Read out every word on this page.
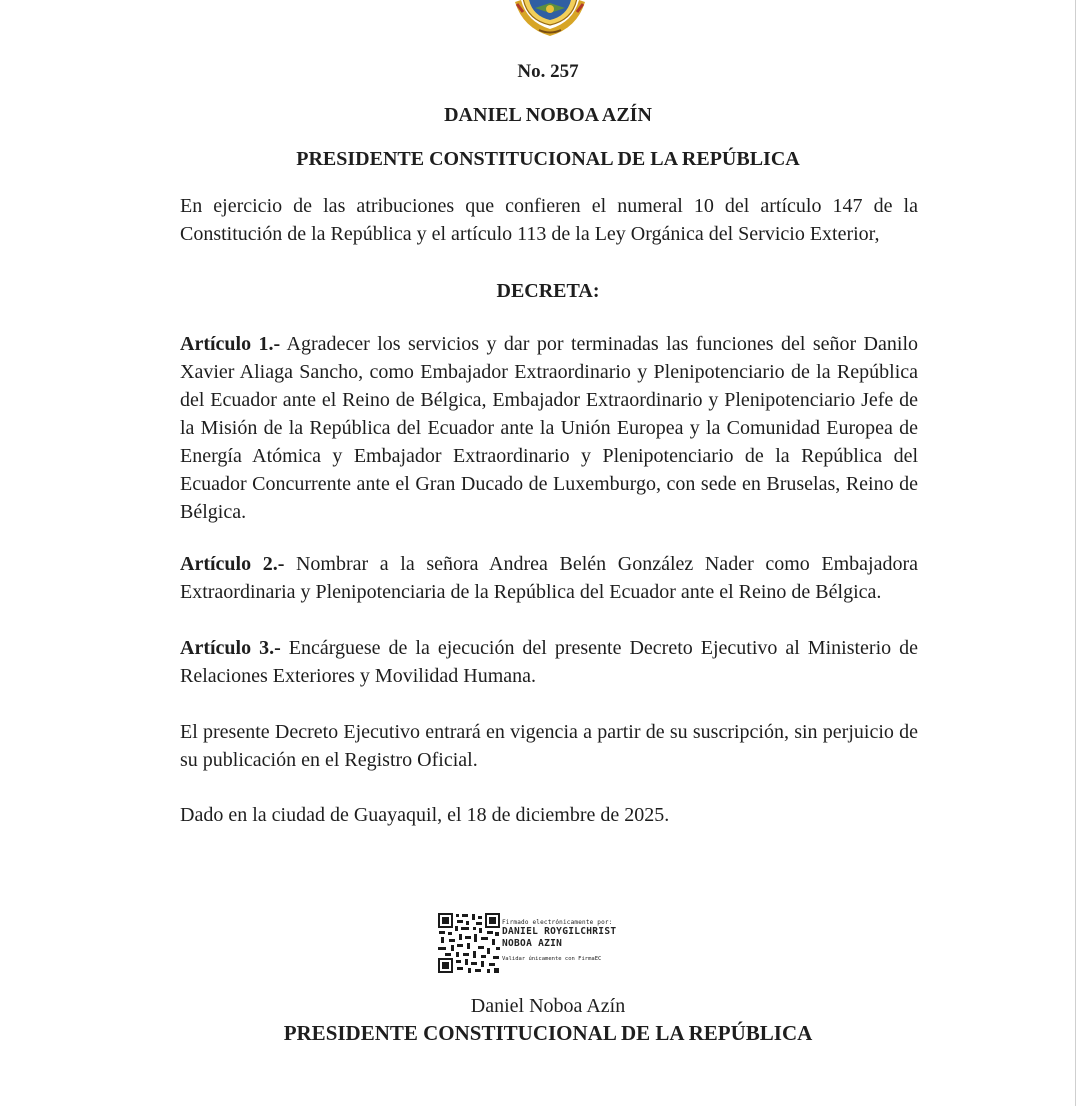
No. 257
DANIEL NOBOA AZÍN
PRESIDENTE CONSTITUCIONAL DE LA REPÚBLICA
En ejercicio de las atribuciones que confieren el numeral 10 del artículo 147 de la Constitución de la República y el artículo 113 de la Ley Orgánica del Servicio Exterior,
DECRETA:
Artículo 1.- Agradecer los servicios y dar por terminadas las funciones del señor Danilo Xavier Aliaga Sancho, como Embajador Extraordinario y Plenipotenciario de la República del Ecuador ante el Reino de Bélgica, Embajador Extraordinario y Plenipotenciario Jefe de la Misión de la República del Ecuador ante la Unión Europea y la Comunidad Europea de Energía Atómica y Embajador Extraordinario y Plenipotenciario de la República del Ecuador Concurrente ante el Gran Ducado de Luxemburgo, con sede en Bruselas, Reino de Bélgica.
Artículo 2.- Nombrar a la señora Andrea Belén González Nader como Embajadora Extraordinaria y Plenipotenciaria de la República del Ecuador ante el Reino de Bélgica.
Artículo 3.- Encárguese de la ejecución del presente Decreto Ejecutivo al Ministerio de Relaciones Exteriores y Movilidad Humana.
El presente Decreto Ejecutivo entrará en vigencia a partir de su suscripción, sin perjuicio de su publicación en el Registro Oficial.
Dado en la ciudad de Guayaquil, el 18 de diciembre de 2025.
Firmado electrónicamente por:
DANIEL ROYGILCHRIST
NOBOA AZIN
Validar únicamente con FirmaEC
Daniel Noboa Azín
PRESIDENTE CONSTITUCIONAL DE LA REPÚBLICA
